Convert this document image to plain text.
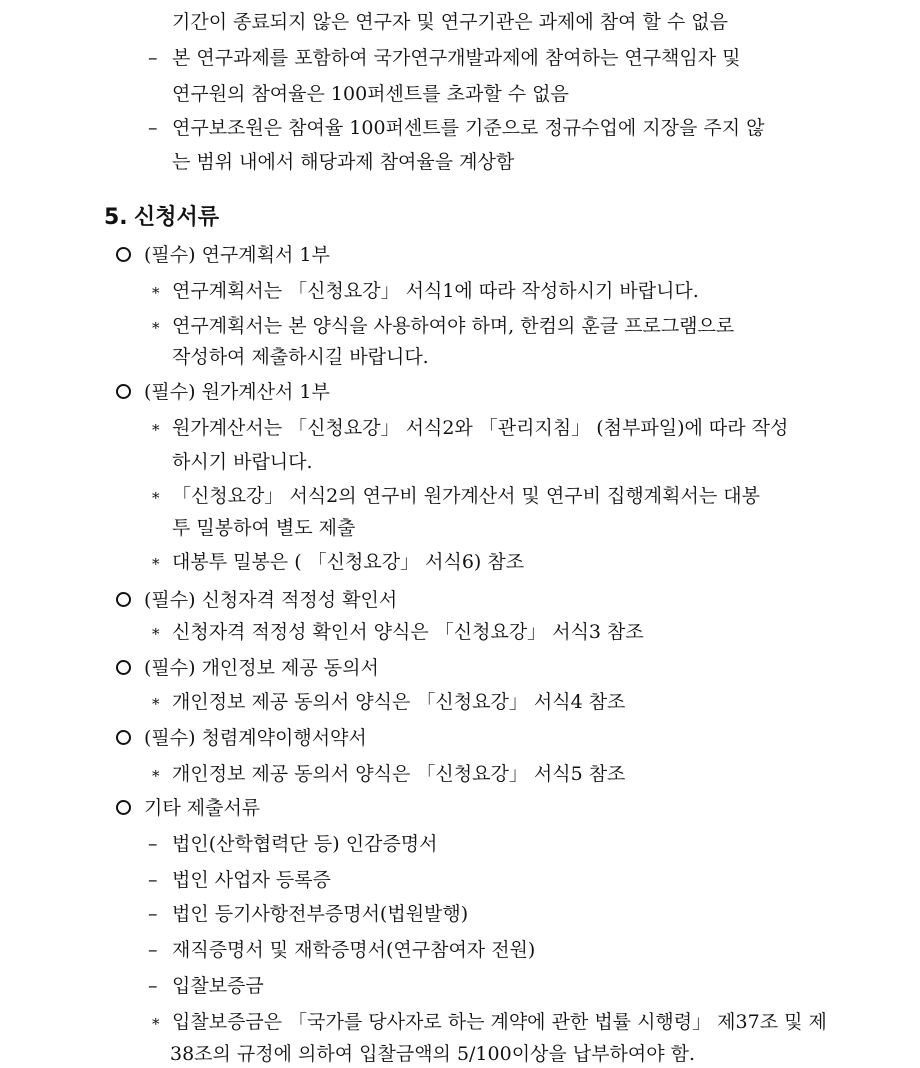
기간이 종료되지 않은 연구자 및 연구기관은 과제에 참여 할 수 없음
– 본 연구과제를 포함하여 국가연구개발과제에 참여하는 연구책임자 및
연구원의 참여율은 100퍼센트를 초과할 수 없음
– 연구보조원은 참여율 100퍼센트를 기준으로 정규수업에 지장을 주지 않
는 범위 내에서 해당과제 참여율을 계상함
5. 신청서류
(필수) 연구계획서 1부
* 연구계획서는 「신청요강」 서식1에 따라 작성하시기 바랍니다.
* 연구계획서는 본 양식을 사용하여야 하며, 한컴의 훈글 프로그램으로
작성하여 제출하시길 바랍니다.
(필수) 원가계산서 1부
* 원가계산서는 「신청요강」 서식2와 「관리지침」 (첨부파일)에 따라 작성
하시기 바랍니다.
* 「신청요강」 서식2의 연구비 원가계산서 및 연구비 집행계획서는 대봉
투 밀봉하여 별도 제출
* 대봉투 밀봉은 ( 「신청요강」 서식6) 참조
(필수) 신청자격 적정성 확인서
* 신청자격 적정성 확인서 양식은 「신청요강」 서식3 참조
(필수) 개인정보 제공 동의서
* 개인정보 제공 동의서 양식은 「신청요강」 서식4 참조
(필수) 청렴계약이행서약서
* 개인정보 제공 동의서 양식은 「신청요강」 서식5 참조
기타 제출서류
– 법인(산학협력단 등) 인감증명서
– 법인 사업자 등록증
– 법인 등기사항전부증명서(법원발행)
– 재직증명서 및 재학증명서(연구참여자 전원)
– 입찰보증금
* 입찰보증금은 「국가를 당사자로 하는 계약에 관한 법률 시행령」 제37조 및 제
38조의 규정에 의하여 입찰금액의 5/100이상을 납부하여야 함.
